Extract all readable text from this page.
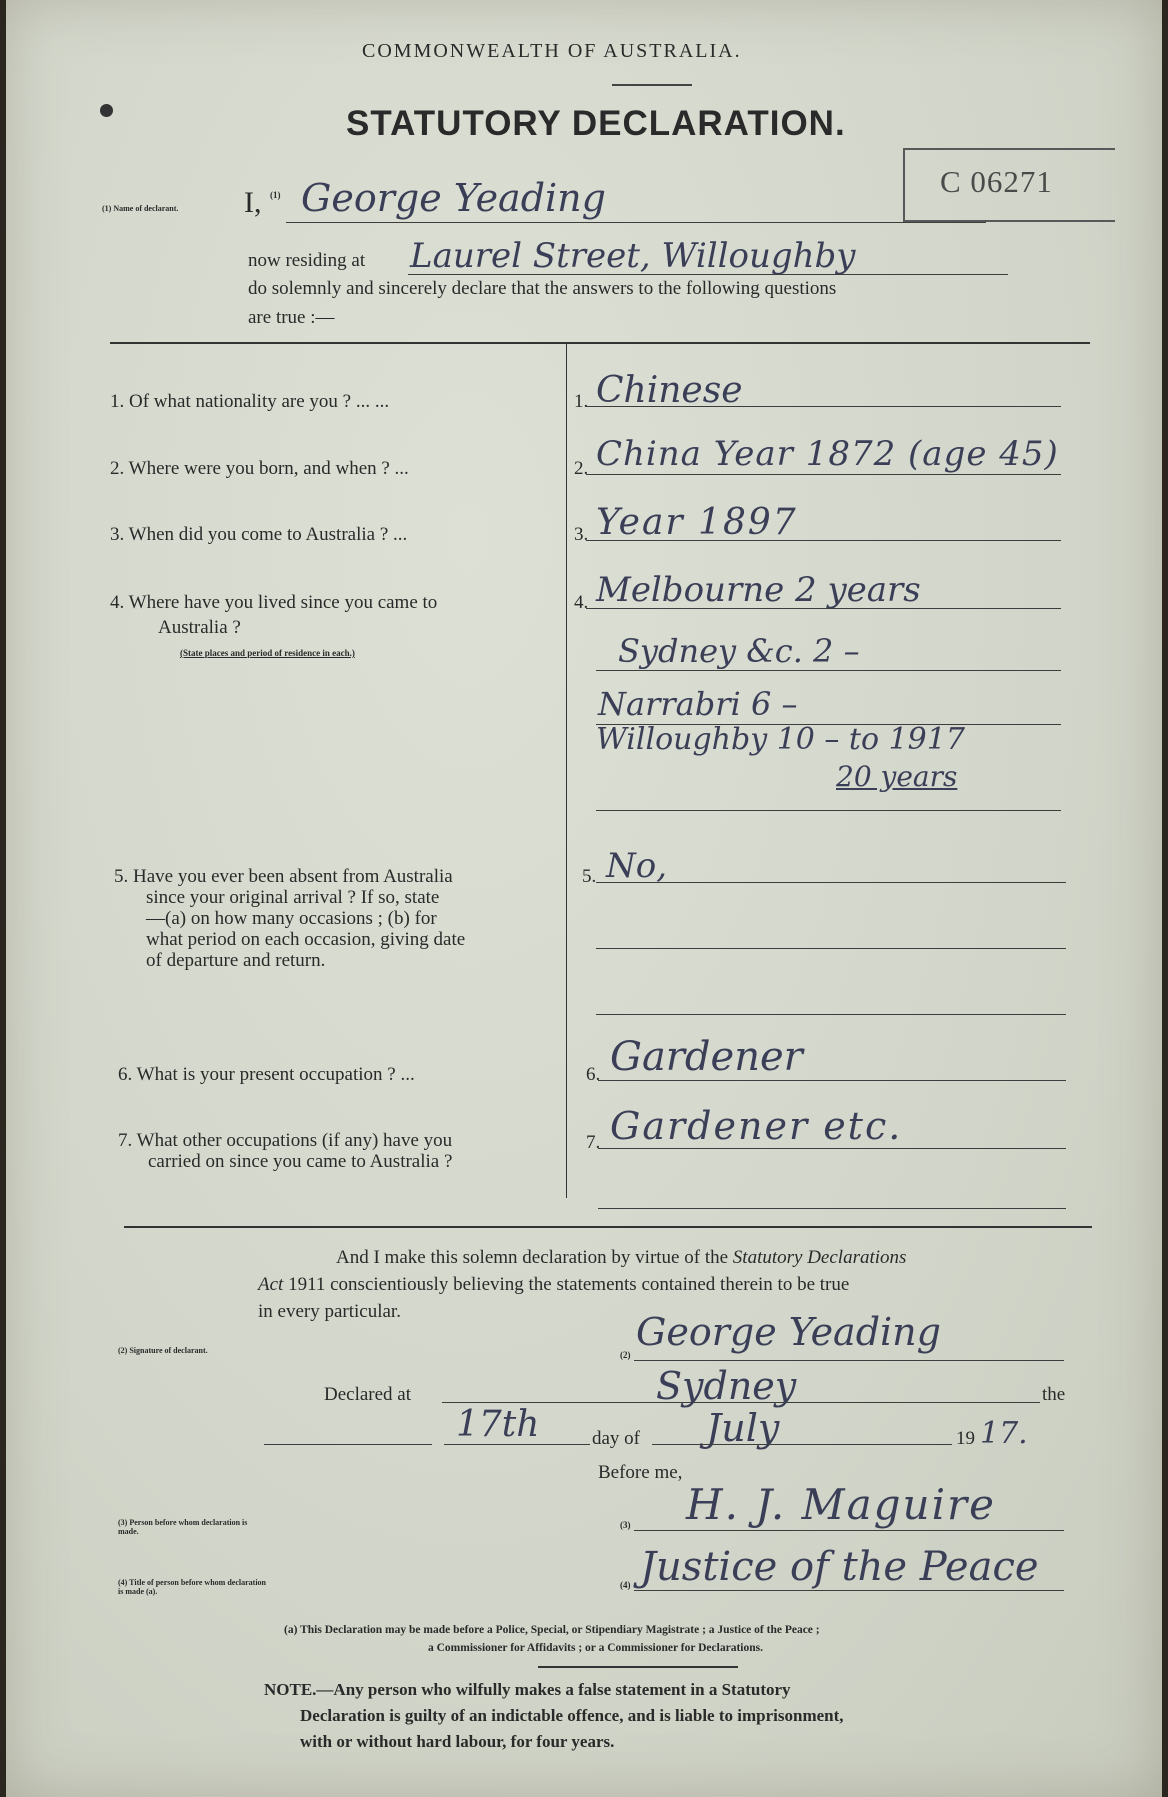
COMMONWEALTH OF AUSTRALIA.
STATUTORY DECLARATION.
C 06271
(1) Name of declarant.	I, (1) George Yeading
now residing at Laurel Street, Willoughby
do solemnly and sincerely declare that the answers to the following questions
are true :—
1. Of what nationality are you ? ... ...	1. Chinese
2. Where were you born, and when ? ...	2. China Year 1872 (age 45)
3. When did you come to Australia ? ...	3. Year 1897
4. Where have you lived since you came to
Australia ?
(State places and period of residence in each.)
4. Melbourne 2 years
Sydney &c. 2 –
Narrabri 6 –
Willoughby 10 – to 1917
20 years
5. Have you ever been absent from Australia
since your original arrival ? If so, state
—(a) on how many occasions ; (b) for
what period on each occasion, giving date
of departure and return.
5. No,
6. What is your present occupation ? ...	6. Gardener
7. What other occupations (if any) have you
carried on since you came to Australia ?
7. Gardener etc.
And I make this solemn declaration by virtue of the Statutory Declarations
Act 1911 conscientiously believing the statements contained therein to be true
in every particular.
(2) Signature of declarant.	(2)
George Yeading
Declared at	Sydney	the
17th	day of July	19 17.
Before me,
(3) Person before whom declaration is made.
(3) H. J. Maguire
(4) Title of person before whom declaration is made (a).
(4) Justice of the Peace
(a) This Declaration may be made before a Police, Special, or Stipendiary Magistrate ; a Justice of the Peace ;
a Commissioner for Affidavits ; or a Commissioner for Declarations.
NOTE.—Any person who wilfully makes a false statement in a Statutory
Declaration is guilty of an indictable offence, and is liable to imprisonment,
with or without hard labour, for four years.
